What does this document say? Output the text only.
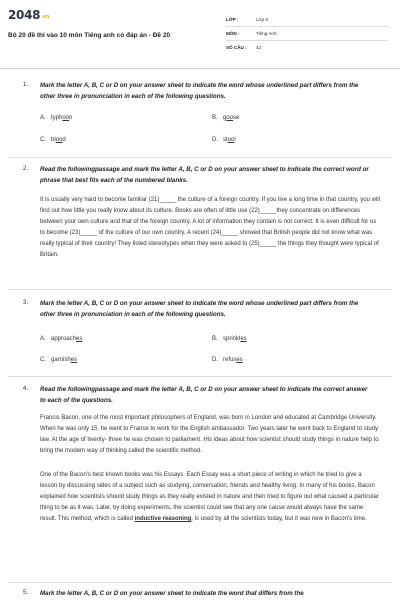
2048.vn
Bộ 20 đề thi vào 10 môn Tiếng anh có đáp án - Đề 20
LỚP :	Lớp 9
MÔN :	Tiếng Anh
SỐ CÂU : 42
1. Mark the letter A, B, C or D on your answer sheet to indicate the word whose underlined part differs from the other three in pronunciation in each of the following questions.
A. typhoon	B. goose
C. blood	D. stool
2. Read the followingpassage and mark the letter A, B, C or D on your answer sheet to indicate the correct word or phrase that best fits each of the numbered blanks.
It is usually very hard to become familiar (21)_____ the culture of a foreign country. If you live a long time in that country, you will find out how little you really know about its culture. Books are often of little use (22)_____they concentrate on differences between your own culture and that of the foreign country. A lot of information they contain is not correct. It is even difficult for us to become (23)_____ of the culture of our own country. A recent (24)_____ showed that British people did not know what was really typical of their country! They listed stereotypes when they were asked to (25)_____ the things they thought were typical of Britain.
3. Mark the letter A, B, C or D on your answer sheet to indicate the word whose underlined part differs from the other three in pronunciation in each of the following questions.
A. approaches	B. sprinkles
C. garnishes	D. refuses
4. Read the followingpassage and mark the letter A, B, C or D on your answer sheet to indicate the correct answer to each of the questions.
Francis Bacon, one of the most important philosophers of England, was born in London and educated at Cambridge University. When he was only 15, he went to France to work for the English ambassador. Two years later he went back to England to study law. At the age of twenty- three he was chosen to parliament. His ideas about how scientist should study things in nature help to bring the modern way of thinking called the scientific method.
One of the Bacon's best known books was his Essays. Each Essay was a short piece of writing in which he tried to give a lesson by discussing sides of a subject such as studying, conversation, friends and healthy living. In many of his books, Bacon explained how scientists should study things as they really existed in nature and then tried to figure out what caused a particular thing to be as it was. Later, by doing experiments, the scientist could see that any one cause would always have the same result. This method, which is called inductive reasoning, is used by all the scientists today, but it was new in Bacon's time.
5. Mark the letter A, B, C or D on your answer sheet to indicate the word that differs from the
